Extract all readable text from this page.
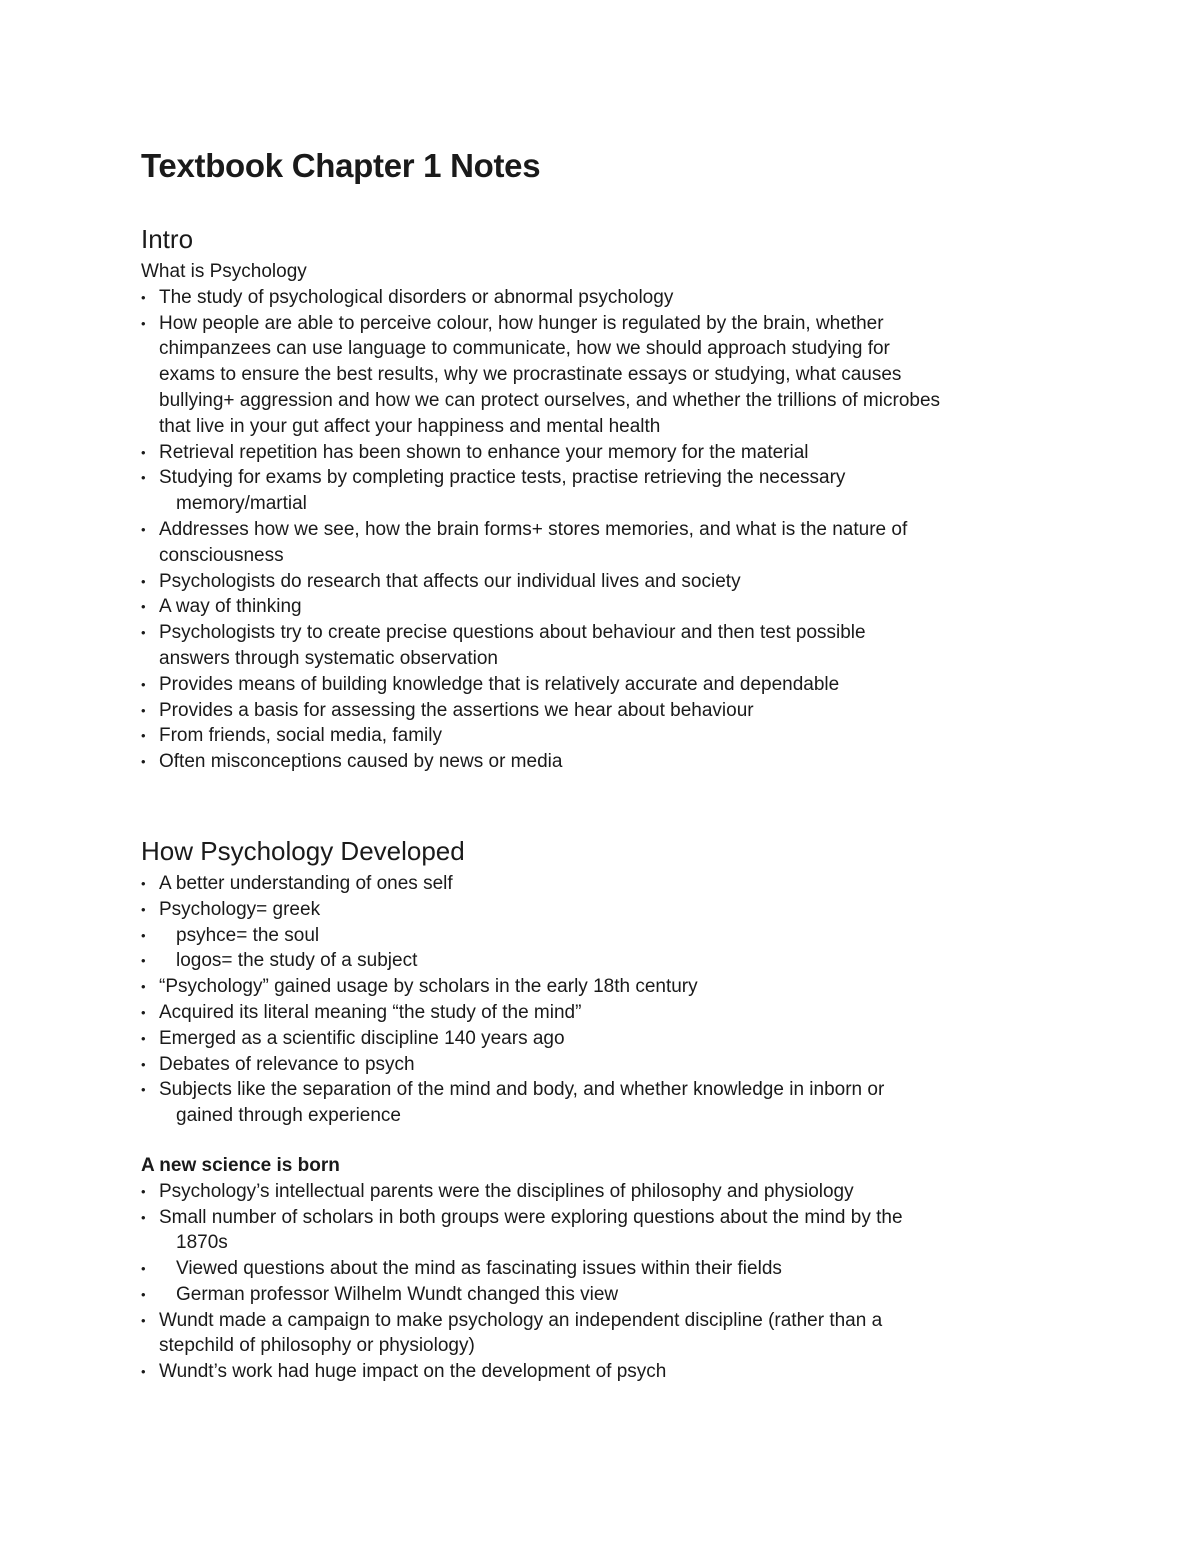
Textbook Chapter 1 Notes
Intro

What is Psychology

• The study of psychological disorders or abnormal psychology
• How people are able to perceive colour, how hunger is regulated by the brain, whether
chimpanzees can use language to communicate, how we should approach studying for
exams to ensure the best results, why we procrastinate essays or studying, what causes
bullying+ aggression and how we can protect ourselves, and whether the trillions of microbes
that live in your gut affect your happiness and mental health
• Retrieval repetition has been shown to enhance your memory for the material
• Studying for exams by completing practice tests, practise retrieving the necessary
memory/martial
• Addresses how we see, how the brain forms+ stores memories, and what is the nature of
consciousness
• Psychologists do research that affects our individual lives and society
• A way of thinking
• Psychologists try to create precise questions about behaviour and then test possible
answers through systematic observation
• Provides means of building knowledge that is relatively accurate and dependable
• Provides a basis for assessing the assertions we hear about behaviour
• From friends, social media, family
• Often misconceptions caused by news or media
How Psychology Developed
• A better understanding of ones self
• Psychology= greek
• psyhce= the soul
• logos= the study of a subject
• “Psychology” gained usage by scholars in the early 18th century
• Acquired its literal meaning “the study of the mind”
• Emerged as a scientific discipline 140 years ago
• Debates of relevance to psych
• Subjects like the separation of the mind and body, and whether knowledge in inborn or
gained through experience

A new science is born

• Psychology’s intellectual parents were the disciplines of philosophy and physiology
• Small number of scholars in both groups were exploring questions about the mind by the
1870s
• Viewed questions about the mind as fascinating issues within their fields
• German professor Wilhelm Wundt changed this view
• Wundt made a campaign to make psychology an independent discipline (rather than a
stepchild of philosophy or physiology)
• Wundt’s work had huge impact on the development of psych
